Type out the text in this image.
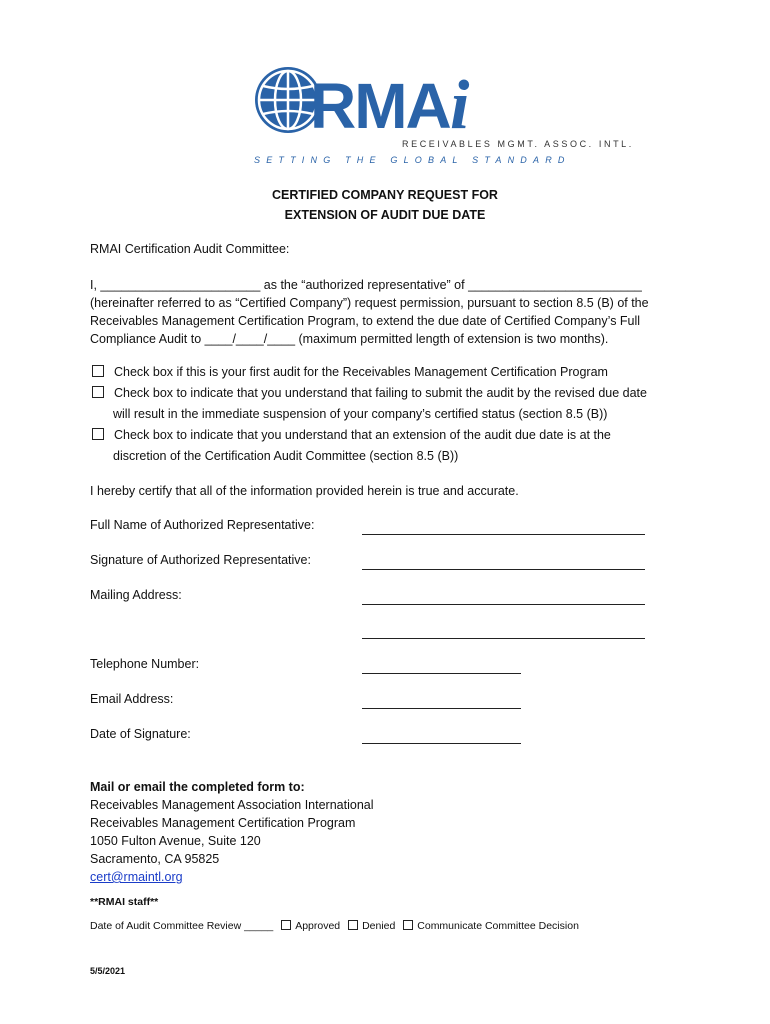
RMA i
RECEIVABLES MGMT. ASSOC. INTL.
SETTING THE GLOBAL STANDARD
CERTIFIED COMPANY REQUEST FOR
EXTENSION OF AUDIT DUE DATE
RMAI Certification Audit Committee:
I, _______________________ as the “authorized representative” of _________________________
(hereinafter referred to as “Certified Company”) request permission, pursuant to section 8.5 (B) of the
Receivables Management Certification Program, to extend the due date of Certified Company’s Full
Compliance Audit to ____/____/____ (maximum permitted length of extension is two months).
Check box if this is your first audit for the Receivables Management Certification Program
Check box to indicate that you understand that failing to submit the audit by the revised due date
will result in the immediate suspension of your company’s certified status (section 8.5 (B))
Check box to indicate that you understand that an extension of the audit due date is at the
discretion of the Certification Audit Committee (section 8.5 (B))
I hereby certify that all of the information provided herein is true and accurate.
Full Name of Authorized Representative:
Signature of Authorized Representative:
Mailing Address:
Telephone Number:
Email Address:
Date of Signature:
Mail or email the completed form to:
Receivables Management Association International
Receivables Management Certification Program
1050 Fulton Avenue, Suite 120
Sacramento, CA 95825
cert@rmaintl.org
**RMAI staff**
Date of Audit Committee Review _____ Approved Denied Communicate Committee Decision
5/5/2021
